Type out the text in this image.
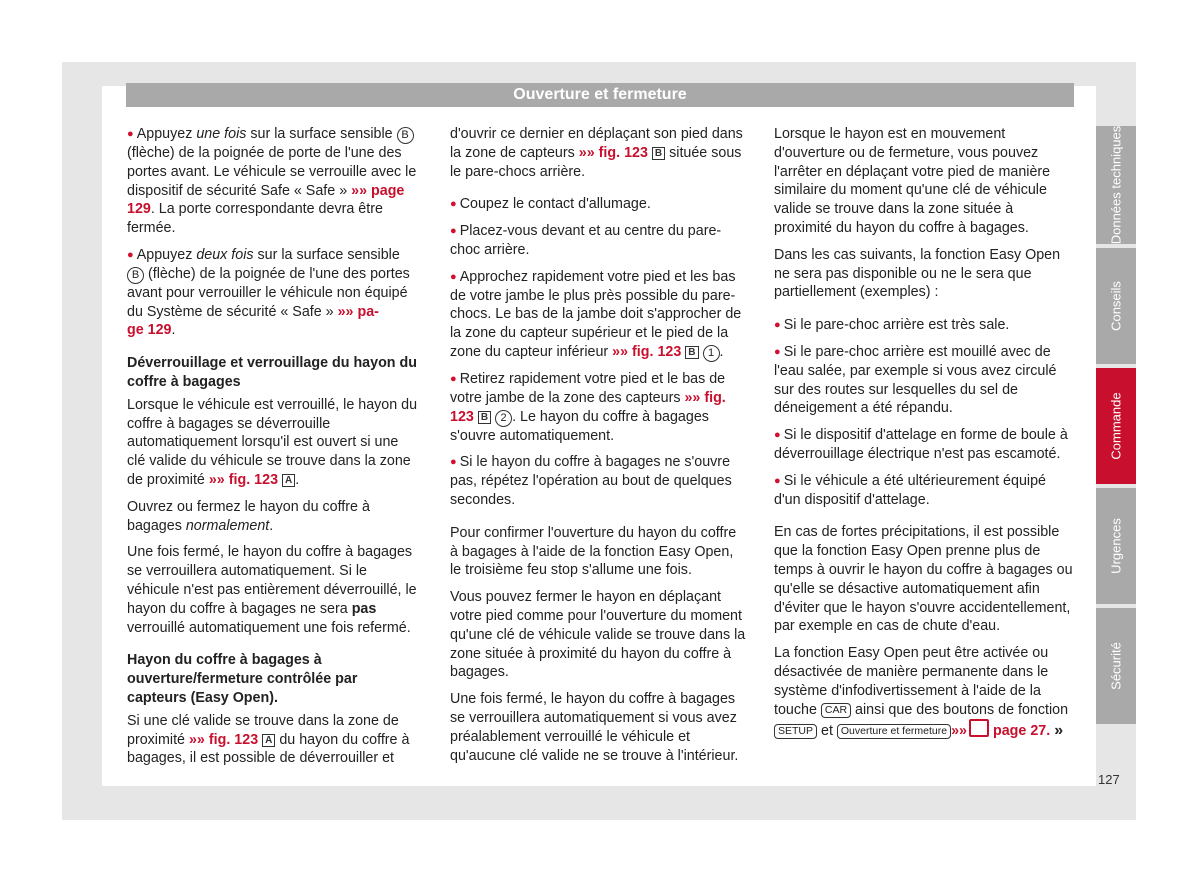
Ouverture et fermeture

● Appuyez une fois sur la surface sensible B (flèche) de la poignée de porte de l'une des portes avant. Le véhicule se verrouille avec le dispositif de sécurité Safe « Safe » »» page 129. La porte correspondante devra être fermée.

● Appuyez deux fois sur la surface sensible B (flèche) de la poignée de l'une des portes avant pour verrouiller le véhicule non équipé du Système de sécurité « Safe » »» pa-
ge 129.

Déverrouillage et verrouillage du hayon du coffre à bagages

Lorsque le véhicule est verrouillé, le hayon du coffre à bagages se déverrouille automatiquement lorsqu'il est ouvert si une clé valide du véhicule se trouve dans la zone de proximité »» fig. 123 A .

Ouvrez ou fermez le hayon du coffre à bagages normalement.

Une fois fermé, le hayon du coffre à bagages se verrouillera automatiquement. Si le véhicule n'est pas entièrement déverrouillé, le hayon du coffre à bagages ne sera pas verrouillé automatiquement une fois refermé.

Hayon du coffre à bagages à ouverture/fermeture contrôlée par capteurs (Easy Open).

Si une clé valide se trouve dans la zone de proximité »» fig. 123 A du hayon du coffre à bagages, il est possible de déverrouiller et

d'ouvrir ce dernier en déplaçant son pied dans la zone de capteurs »» fig. 123 B située sous le pare-chocs arrière.

● Coupez le contact d'allumage.

● Placez-vous devant et au centre du pare-choc arrière.

● Approchez rapidement votre pied et les bas de votre jambe le plus près possible du pare-chocs. Le bas de la jambe doit s'approcher de la zone du capteur supérieur et le pied de la zone du capteur inférieur »» fig. 123 B 1 .

● Retirez rapidement votre pied et le bas de votre jambe de la zone des capteurs »» fig. 123 B 2 . Le hayon du coffre à bagages s'ouvre automatiquement.

● Si le hayon du coffre à bagages ne s'ouvre pas, répétez l'opération au bout de quelques secondes.

Pour confirmer l'ouverture du hayon du coffre à bagages à l'aide de la fonction Easy Open, le troisième feu stop s'allume une fois.

Vous pouvez fermer le hayon en déplaçant votre pied comme pour l'ouverture du moment qu'une clé de véhicule valide se trouve dans la zone située à proximité du hayon du coffre à bagages.

Une fois fermé, le hayon du coffre à bagages se verrouillera automatiquement si vous avez préalablement verrouillé le véhicule et qu'aucune clé valide ne se trouve à l'intérieur.

Lorsque le hayon est en mouvement d'ouverture ou de fermeture, vous pouvez l'arrêter en déplaçant votre pied de manière similaire du moment qu'une clé de véhicule valide se trouve dans la zone située à proximité du hayon du coffre à bagages.

Dans les cas suivants, la fonction Easy Open ne sera pas disponible ou ne le sera que partiellement (exemples) :

● Si le pare-choc arrière est très sale.

● Si le pare-choc arrière est mouillé avec de l'eau salée, par exemple si vous avez circulé sur des routes sur lesquelles du sel de déneigement a été répandu.

● Si le dispositif d'attelage en forme de boule à déverrouillage électrique n'est pas escamoté.

● Si le véhicule a été ultérieurement équipé d'un dispositif d'attelage.

En cas de fortes précipitations, il est possible que la fonction Easy Open prenne plus de temps à ouvrir le hayon du coffre à bagages ou qu'elle se désactive automatiquement afin d'éviter que le hayon s'ouvre accidentellement, par exemple en cas de chute d'eau.

La fonction Easy Open peut être activée ou désactivée de manière permanente dans le système d'infodivertissement à l'aide de la touche CAR ainsi que des boutons de fonction SETUP et Ouverture et fermeture »» page 27. »

Données techniques
Conseils
Commande
Urgences
Sécurité
127
